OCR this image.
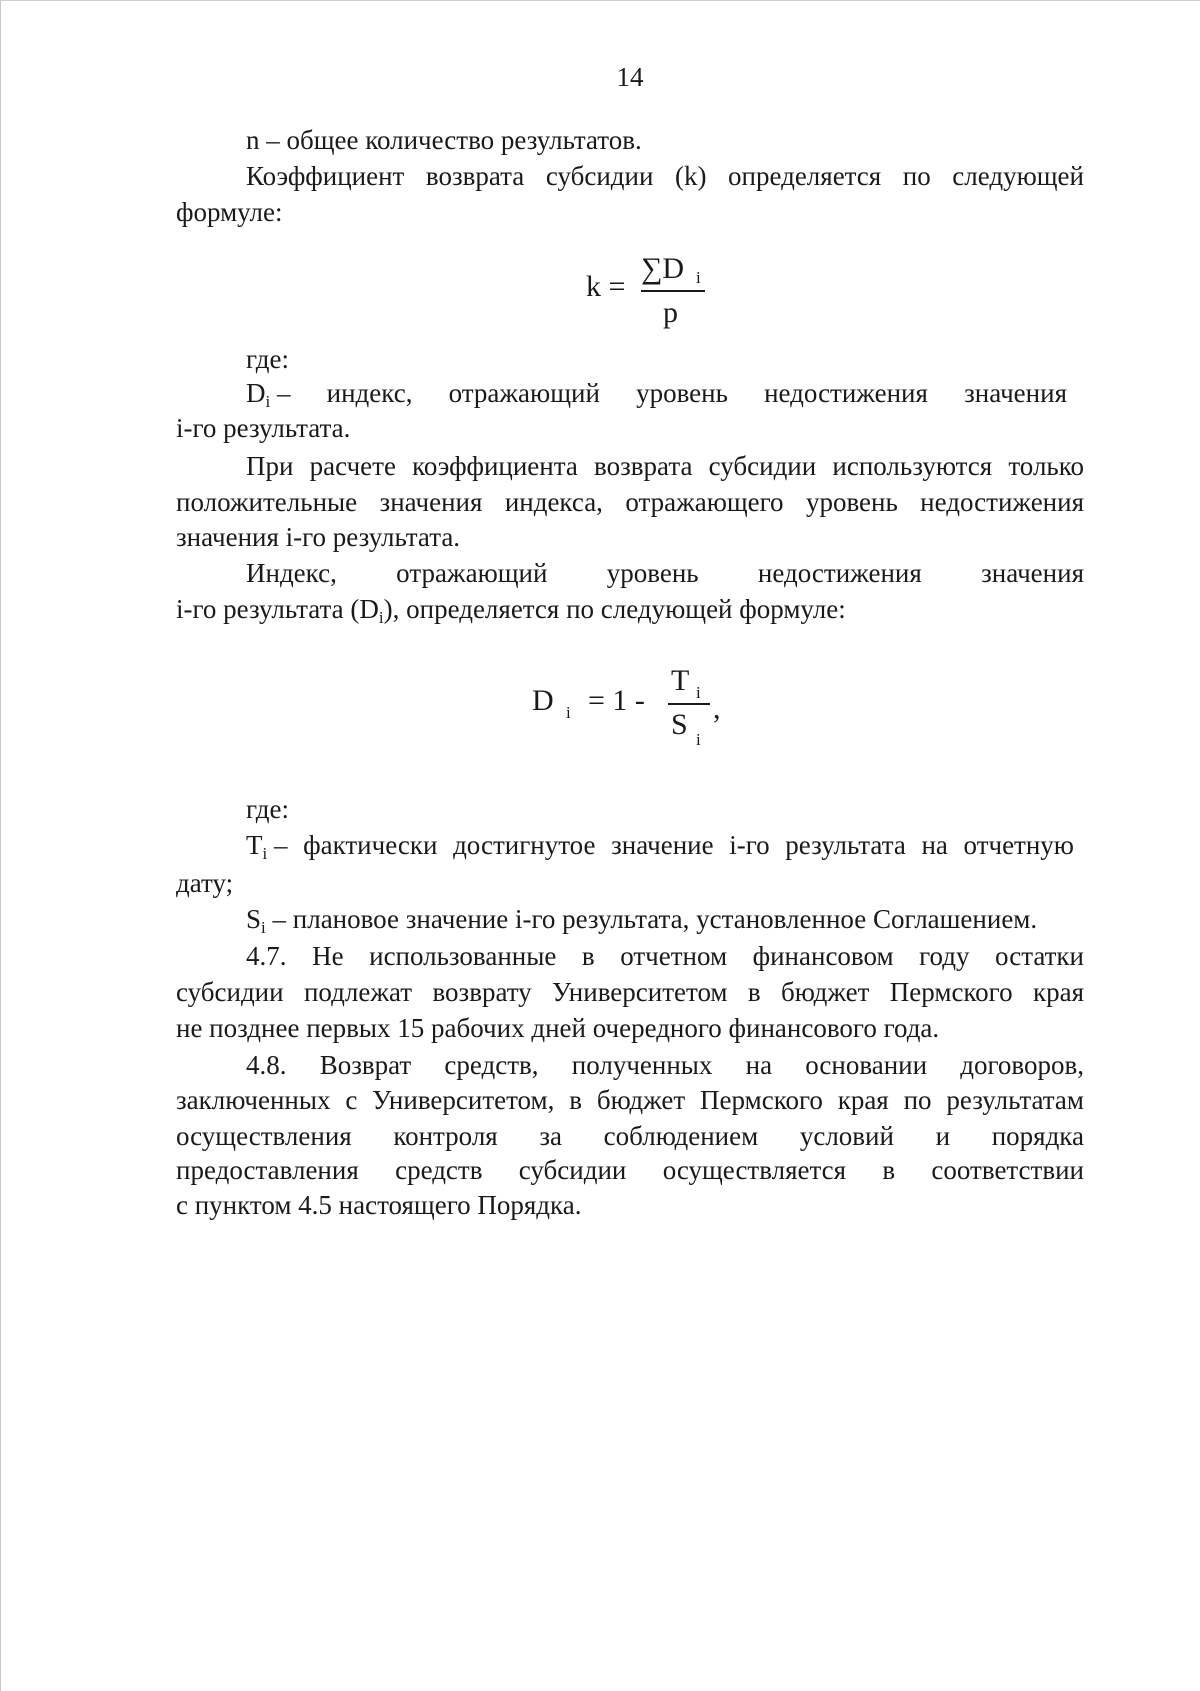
14
n – общее количество результатов.
Коэффициент возврата субсидии (k) определяется по следующей
формуле:
k =
∑D i
p
где:
$D_i$ – индекс, отражающий уровень недостижения значения
i-го результата.
При расчете коэффициента возврата субсидии используются только
положительные значения индекса, отражающего уровень недостижения
значения i-го результата.
Индекс, отражающий уровень недостижения значения
i-го результата $(D_i)$, определяется по следующей формуле:
D i = 1 -
T i
S i
,
где:
$T_i$ – фактически достигнутое значение i-го результата на отчетную
дату;
$S_i$ – плановое значение i-го результата, установленное Соглашением.
4.7. Не использованные в отчетном финансовом году остатки
субсидии подлежат возврату Университетом в бюджет Пермского края
не позднее первых 15 рабочих дней очередного финансового года.
4.8. Возврат средств, полученных на основании договоров,
заключенных с Университетом, в бюджет Пермского края по результатам
осуществления контроля за соблюдением условий и порядка
предоставления средств субсидии осуществляется в соответствии
с пунктом 4.5 настоящего Порядка.
